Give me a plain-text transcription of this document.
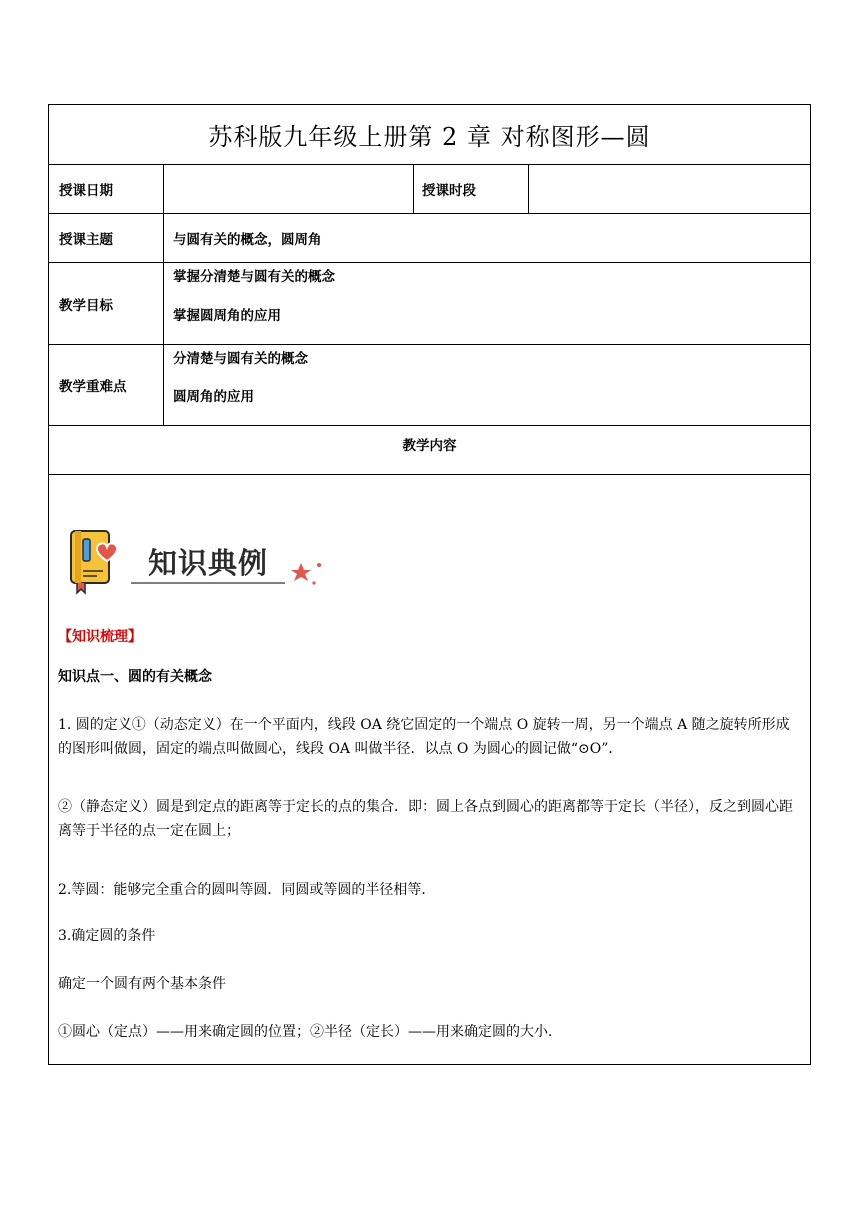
苏科版九年级上册第 2 章 对称图形—圆
授课日期	授课时段
授课主题	与圆有关的概念，圆周角
教学目标
掌握分清楚与圆有关的概念
掌握圆周角的应用
教学重难点
分清楚与圆有关的概念
圆周角的应用
教学内容
知识典例
【知识梳理】
知识点一、圆的有关概念
1. 圆的定义①（动态定义）在一个平面内，线段 OA 绕它固定的一个端点 O 旋转一周，另一个端点 A 随之旋转所形成的图形叫做圆，固定的端点叫做圆心，线段 OA 叫做半径．以点 O 为圆心的圆记做“⊙O”．
②（静态定义）圆是到定点的距离等于定长的点的集合．即：圆上各点到圆心的距离都等于定长（半径），反之到圆心距离等于半径的点一定在圆上；
2.等圆：能够完全重合的圆叫等圆．同圆或等圆的半径相等．
3.确定圆的条件
确定一个圆有两个基本条件
①圆心（定点）——用来确定圆的位置；②半径（定长）——用来确定圆的大小．
